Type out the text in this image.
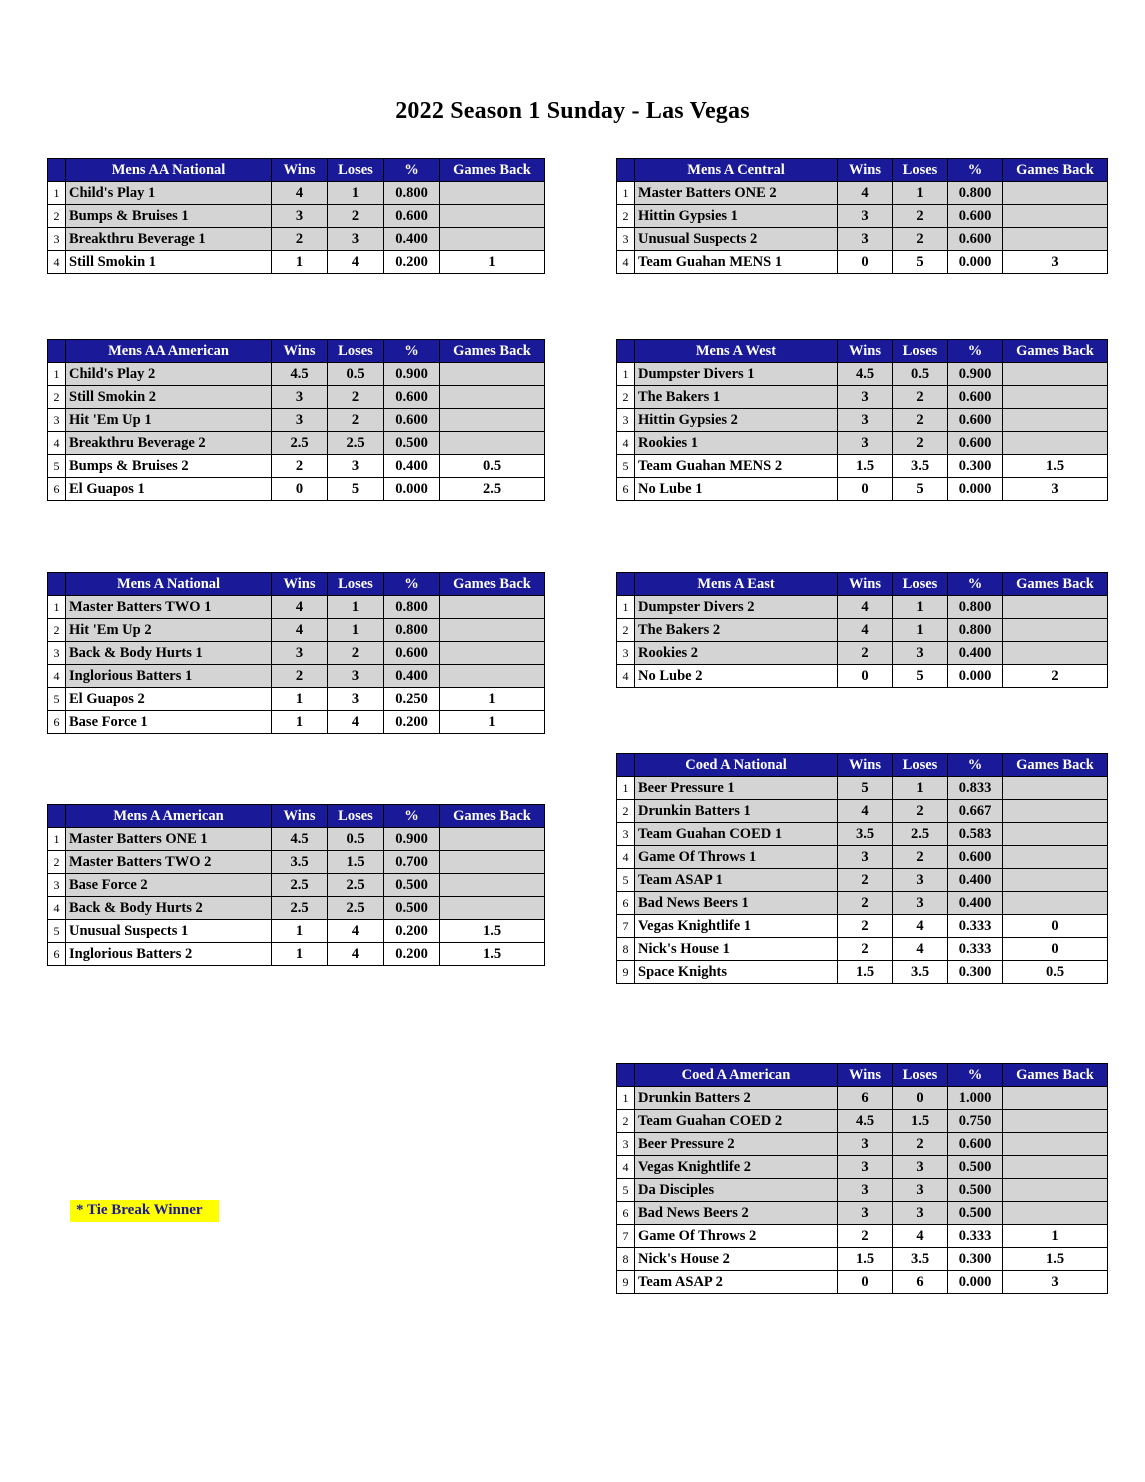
2022 Season 1 Sunday - Las Vegas
	Mens AA National	Wins	Loses	%	Games Back
1	Child's Play 1	4	1	0.800	
2	Bumps & Bruises 1	3	2	0.600	
3	Breakthru Beverage 1	2	3	0.400	
4	Still Smokin 1	1	4	0.200	1
	Mens AA American	Wins	Loses	%	Games Back
1	Child's Play 2	4.5	0.5	0.900	
2	Still Smokin 2	3	2	0.600	
3	Hit 'Em Up 1	3	2	0.600	
4	Breakthru Beverage 2	2.5	2.5	0.500	
5	Bumps & Bruises 2	2	3	0.400	0.5
6	El Guapos 1	0	5	0.000	2.5
	Mens A National	Wins	Loses	%	Games Back
1	Master Batters TWO 1	4	1	0.800	
2	Hit 'Em Up 2	4	1	0.800	
3	Back & Body Hurts 1	3	2	0.600	
4	Inglorious Batters 1	2	3	0.400	
5	El Guapos 2	1	3	0.250	1
6	Base Force 1	1	4	0.200	1
	Mens A American	Wins	Loses	%	Games Back
1	Master Batters ONE 1	4.5	0.5	0.900	
2	Master Batters TWO 2	3.5	1.5	0.700	
3	Base Force 2	2.5	2.5	0.500	
4	Back & Body Hurts 2	2.5	2.5	0.500	
5	Unusual Suspects 1	1	4	0.200	1.5
6	Inglorious Batters 2	1	4	0.200	1.5
	Mens A Central	Wins	Loses	%	Games Back
1	Master Batters ONE 2	4	1	0.800	
2	Hittin Gypsies 1	3	2	0.600	
3	Unusual Suspects 2	3	2	0.600	
4	Team Guahan MENS 1	0	5	0.000	3
	Mens A West	Wins	Loses	%	Games Back
1	Dumpster Divers 1	4.5	0.5	0.900	
2	The Bakers 1	3	2	0.600	
3	Hittin Gypsies 2	3	2	0.600	
4	Rookies 1	3	2	0.600	
5	Team Guahan MENS 2	1.5	3.5	0.300	1.5
6	No Lube 1	0	5	0.000	3
	Mens A East	Wins	Loses	%	Games Back
1	Dumpster Divers 2	4	1	0.800	
2	The Bakers 2	4	1	0.800	
3	Rookies 2	2	3	0.400	
4	No Lube 2	0	5	0.000	2
	Coed A National	Wins	Loses	%	Games Back
1	Beer Pressure 1	5	1	0.833	
2	Drunkin Batters 1	4	2	0.667	
3	Team Guahan COED 1	3.5	2.5	0.583	
4	Game Of Throws 1	3	2	0.600	
5	Team ASAP 1	2	3	0.400	
6	Bad News Beers 1	2	3	0.400	
7	Vegas Knightlife 1	2	4	0.333	0
8	Nick's House 1	2	4	0.333	0
9	Space Knights	1.5	3.5	0.300	0.5
	Coed A American	Wins	Loses	%	Games Back
1	Drunkin Batters 2	6	0	1.000	
2	Team Guahan COED 2	4.5	1.5	0.750	
3	Beer Pressure 2	3	2	0.600	
4	Vegas Knightlife 2	3	3	0.500	
5	Da Disciples	3	3	0.500	
6	Bad News Beers 2	3	3	0.500	
7	Game Of Throws 2	2	4	0.333	1
8	Nick's House 2	1.5	3.5	0.300	1.5
9	Team ASAP 2	0	6	0.000	3
* Tie Break Winner
